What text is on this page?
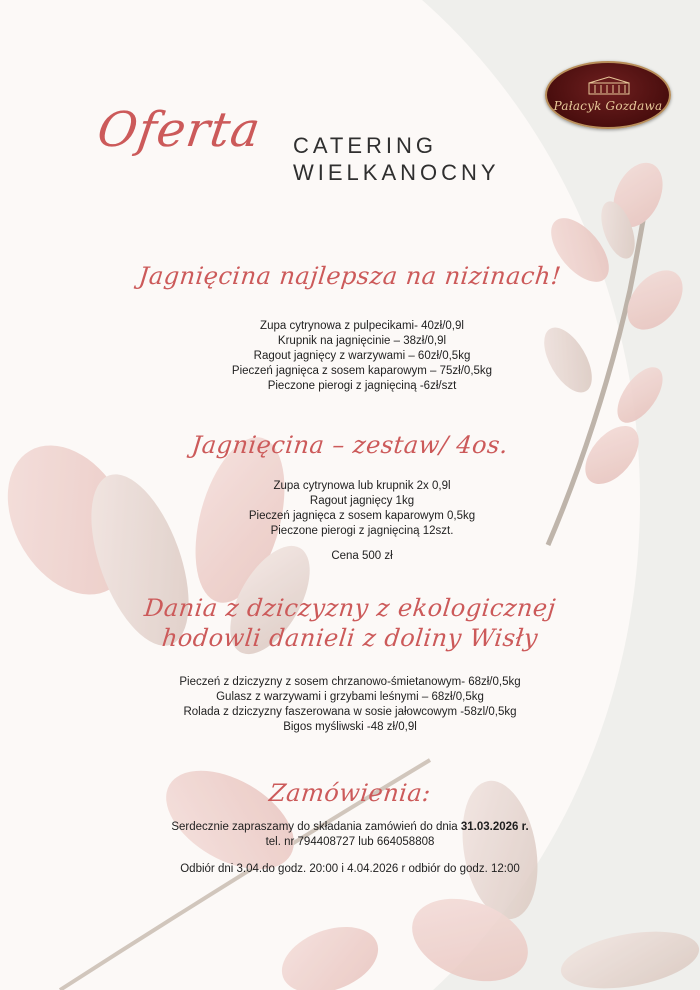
Pałacyk Gozdawa
Oferta CATERING
WIELKANOCNY
Jagnięcina najlepsza na nizinach!
Zupa cytrynowa z pulpecikami- 40zł/0,9l
Krupnik na jagnięcinie – 38zł/0,9l
Ragout jagnięcy z warzywami – 60zł/0,5kg
Pieczeń jagnięca z sosem kaparowym – 75zł/0,5kg
Pieczone pierogi z jagnięciną -6zł/szt
Jagnięcina – zestaw/ 4os.
Zupa cytrynowa lub krupnik 2x 0,9l
Ragout jagnięcy 1kg
Pieczeń jagnięca z sosem kaparowym 0,5kg
Pieczone pierogi z jagnięciną 12szt.
Cena 500 zł
Dania z dziczyzny z ekologicznej
hodowli danieli z doliny Wisły
Pieczeń z dziczyzny z sosem chrzanowo-śmietanowym- 68zł/0,5kg
Gulasz z warzywami i grzybami leśnymi – 68zł/0,5kg
Rolada z dziczyzny faszerowana w sosie jałowcowym -58zl/0,5kg
Bigos myśliwski -48 zł/0,9l
Zamówienia:
Serdecznie zapraszamy do składania zamówień do dnia 31.03.2026 r.
tel. nr 794408727 lub 664058808
Odbiór dni 3.04.do godz. 20:00 i 4.04.2026 r odbiór do godz. 12:00
